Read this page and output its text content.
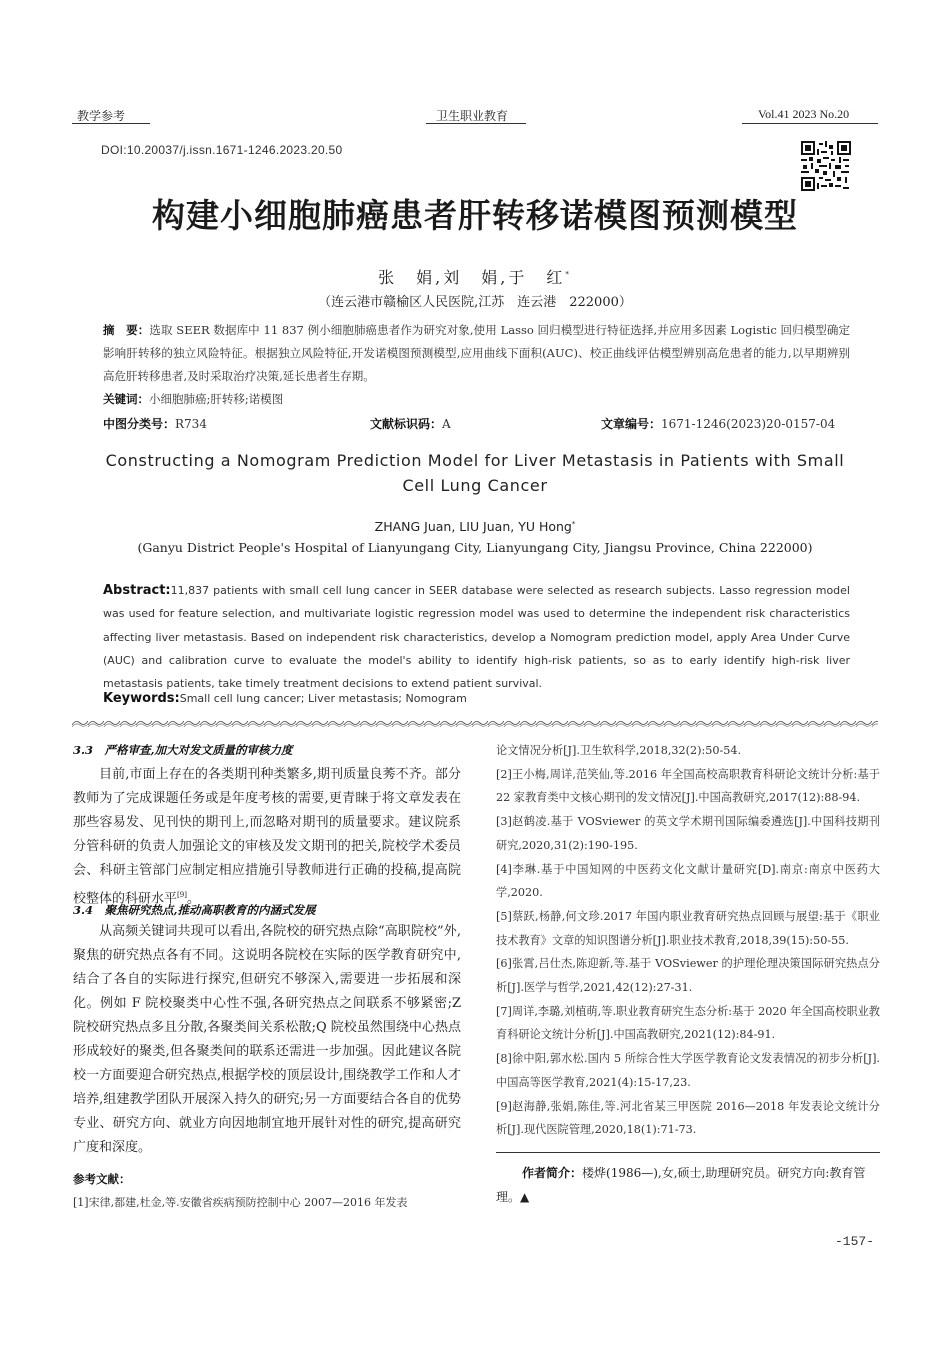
教学参考	卫生职业教育	Vol.41 2023 No.20
DOI:10.20037/j.issn.1671-1246.2023.20.50
构建小细胞肺癌患者肝转移诺模图预测模型
张　娟,刘　娟,于　红*
（连云港市赣榆区人民医院,江苏　连云港　222000）
摘　要：选取 SEER 数据库中 11 837 例小细胞肺癌患者作为研究对象,使用 Lasso 回归模型进行特征选择,并应用多因素 Logistic 回归模型确定影响肝转移的独立风险特征。根据独立风险特征,开发诺模图预测模型,应用曲线下面积(AUC)、校正曲线评估模型辨别高危患者的能力,以早期辨别高危肝转移患者,及时采取治疗决策,延长患者生存期。
关键词：小细胞肺癌;肝转移;诺模图
中图分类号：R734	文献标识码：A	文章编号：1671-1246(2023)20-0157-04
Constructing a Nomogram Prediction Model for Liver Metastasis in Patients with Small Cell Lung Cancer
ZHANG Juan, LIU Juan, YU Hong*
(Ganyu District People's Hospital of Lianyungang City, Lianyungang City, Jiangsu Province, China 222000)
Abstract:11,837 patients with small cell lung cancer in SEER database were selected as research subjects. Lasso regression model was used for feature selection, and multivariate logistic regression model was used to determine the independent risk characteristics affecting liver metastasis. Based on independent risk characteristics, develop a Nomogram prediction model, apply Area Under Curve (AUC) and calibration curve to evaluate the model's ability to identify high-risk patients, so as to early identify high-risk liver metastasis patients, take timely treatment decisions to extend patient survival.
Keywords:Small cell lung cancer; Liver metastasis; Nomogram
3.3　严格审查,加大对发文质量的审核力度

目前,市面上存在的各类期刊种类繁多,期刊质量良莠不齐。部分教师为了完成课题任务或是年度考核的需要,更青睐于将文章发表在那些容易发、见刊快的期刊上,而忽略对期刊的质量要求。建议院系分管科研的负责人加强论文的审核及发文期刊的把关,院校学术委员会、科研主管部门应制定相应措施引导教师进行正确的投稿,提高院校整体的科研水平[9]。

3.4　聚焦研究热点,推动高职教育的内涵式发展

从高频关键词共现可以看出,各院校的研究热点除“高职院校”外,聚焦的研究热点各有不同。这说明各院校在实际的医学教育研究中,结合了各自的实际进行探究,但研究不够深入,需要进一步拓展和深化。例如 F 院校聚类中心性不强,各研究热点之间联系不够紧密;Z 院校研究热点多且分散,各聚类间关系松散;Q 院校虽然围绕中心热点形成较好的聚类,但各聚类间的联系还需进一步加强。因此建议各院校一方面要迎合研究热点,根据学校的顶层设计,围绕教学工作和人才培养,组建教学团队开展深入持久的研究;另一方面要结合各自的优势专业、研究方向、就业方向因地制宜地开展针对性的研究,提高研究广度和深度。

参考文献：
[1]宋律,都建,杜金,等.安徽省疾病预防控制中心 2007—2016 年发表
论文情况分析[J].卫生软科学,2018,32(2):50-54.
[2]王小梅,周详,范笑仙,等.2016 年全国高校高职教育科研论文统计分析:基于 22 家教育类中文核心期刊的发文情况[J].中国高教研究,2017(12):88-94.
[3]赵鹤凌.基于 VOSviewer 的英文学术期刊国际编委遴选[J].中国科技期刊研究,2020,31(2):190-195.
[4]李琳.基于中国知网的中医药文化文献计量研究[D].南京:南京中医药大学,2020.
[5]蔡跃,杨静,何文珍.2017 年国内职业教育研究热点回顾与展望:基于《职业技术教育》文章的知识图谱分析[J].职业技术教育,2018,39(15):50-55.
[6]张霄,吕仕杰,陈迎新,等.基于 VOSviewer 的护理伦理决策国际研究热点分析[J].医学与哲学,2021,42(12):27-31.
[7]周详,李璐,刘植萌,等.职业教育研究生态分析:基于 2020 年全国高校职业教育科研论文统计分析[J].中国高教研究,2021(12):84-91.
[8]徐中阳,郭水松.国内 5 所综合性大学医学教育论文发表情况的初步分析[J].中国高等医学教育,2021(4):15-17,23.
[9]赵海静,张娟,陈佳,等.河北省某三甲医院 2016—2018 年发表论文统计分析[J].现代医院管理,2020,18(1):71-73.
作者简介：楼烨(1986—),女,硕士,助理研究员。研究方向:教育管理。▲
-157-
